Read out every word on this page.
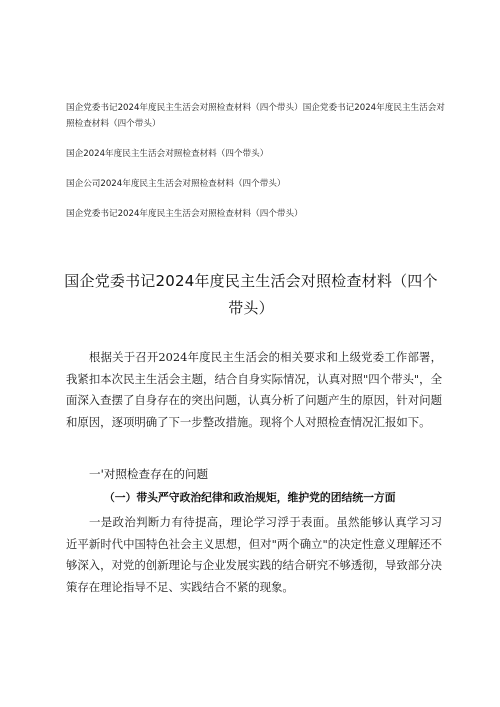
国企党委书记2024年度民主生活会对照检查材料（四个带头）国企党委书记2024年度民主生活会对照检查材料（四个带头）
国企2024年度民主生活会对照检查材料（四个带头）
国企公司2024年度民主生活会对照检查材料（四个带头）
国企党委书记2024年度民主生活会对照检查材料（四个带头）
国企党委书记2024年度民主生活会对照检查材料（四个带头）
根据关于召开2024年度民主生活会的相关要求和上级党委工作部署，我紧扣本次民主生活会主题，结合自身实际情况，认真对照"四个带头"，全面深入查摆了自身存在的突出问题，认真分析了问题产生的原因，针对问题和原因，逐项明确了下一步整改措施。现将个人对照检查情况汇报如下。
一'对照检查存在的问题
（一）带头严守政治纪律和政治规矩，维护党的团结统一方面
一是政治判断力有待提高，理论学习浮于表面。虽然能够认真学习习近平新时代中国特色社会主义思想，但对"两个确立"的决定性意义理解还不够深入，对党的创新理论与企业发展实践的结合研究不够透彻，导致部分决策存在理论指导不足、实践结合不紧的现象。
